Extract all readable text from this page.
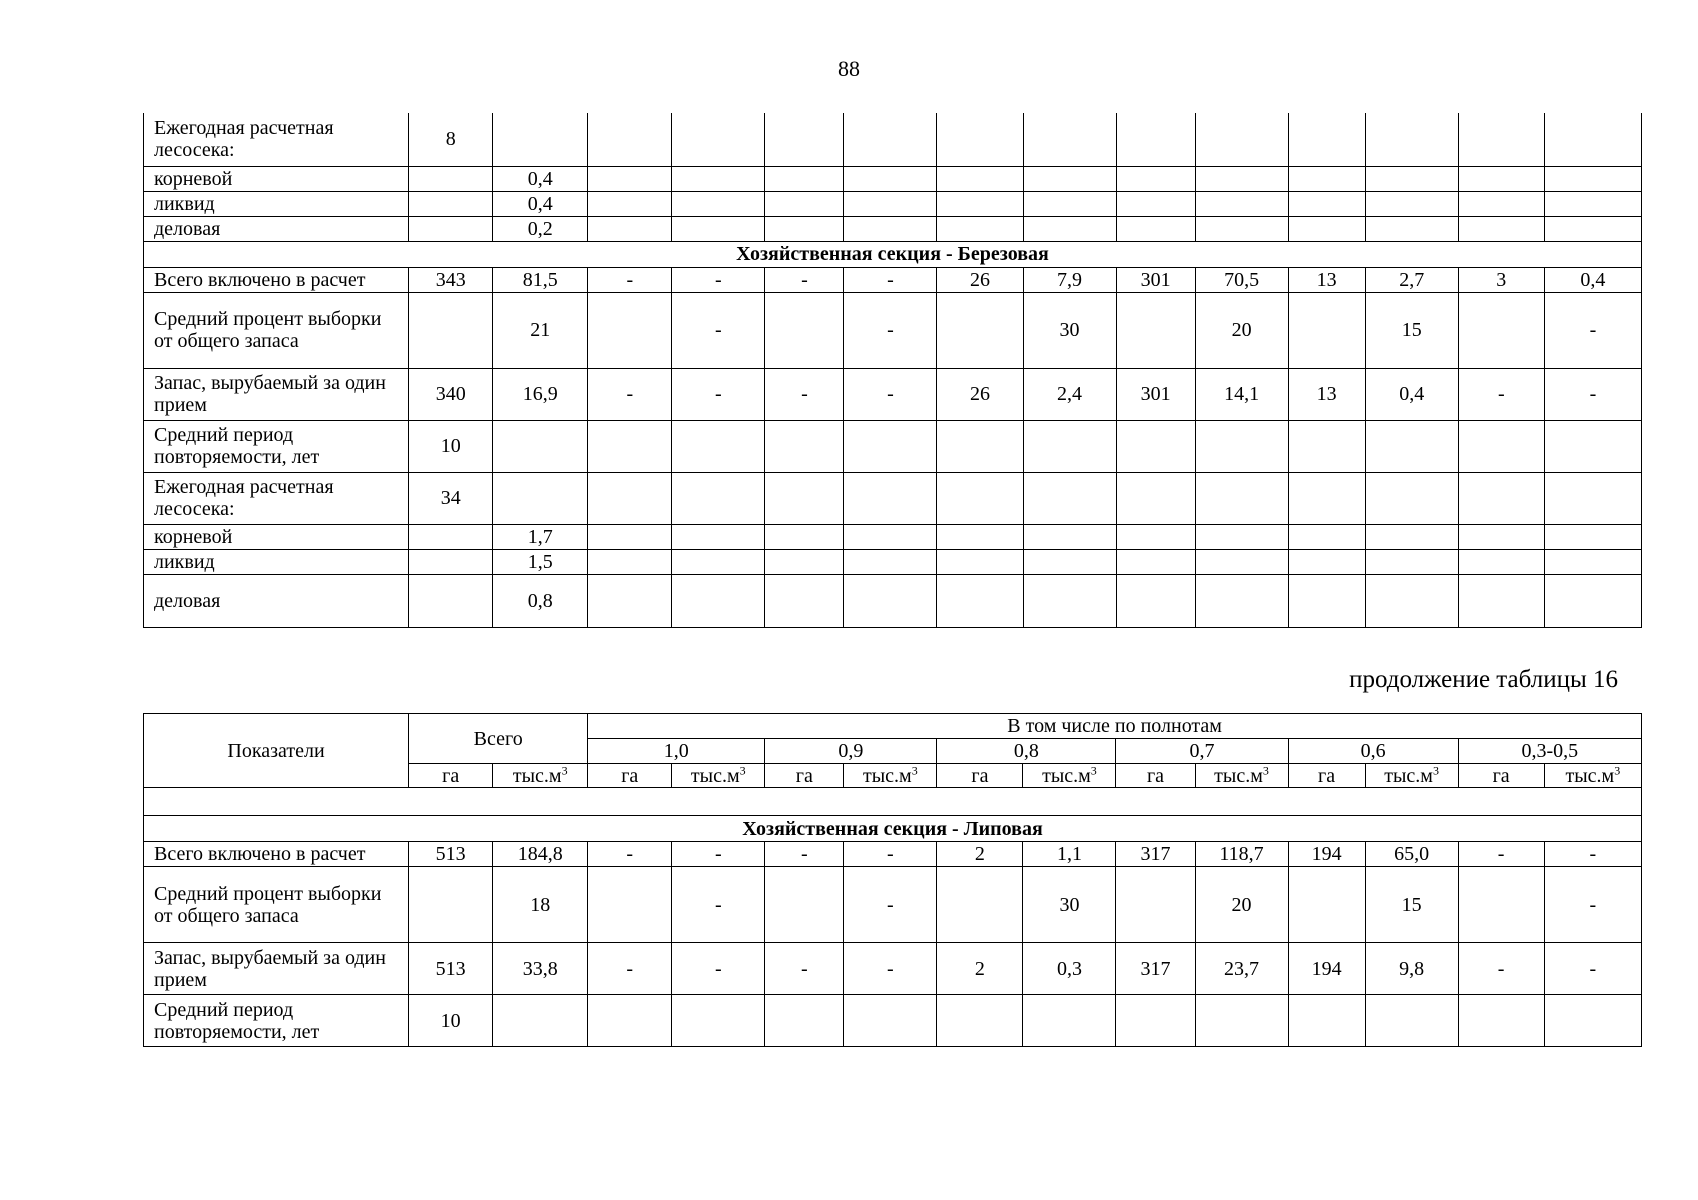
88
Ежегодная расчетная лесосека:	8													
корневой		0,4												
ликвид		0,4												
деловая		0,2												
Хозяйственная секция - Березовая														
Всего включено в расчет	343	81,5	-	-	-	-	26	7,9	301	70,5	13	2,7	3	0,4
Средний процент выборки от общего запаса		21		-		-		30		20		15		-
Запас, вырубаемый за один прием	340	16,9	-	-	-	-	26	2,4	301	14,1	13	0,4	-	-
Средний период повторяемости, лет	10													
Ежегодная расчетная лесосека:	34													
корневой		1,7												
ликвид		1,5												
деловая		0,8												
продолжение таблицы 16
Показатели	Всего		В том числе по полнотам											
			1,0		0,9		0,8		0,7		0,6		0,3-0,5	
	га	$тыс.м^3$	га	$тыс.м^3$	га	$тыс.м^3$	га	$тыс.м^3$	га	$тыс.м^3$	га	$тыс.м^3$	га	$тыс.м^3$

Хозяйственная секция - Липовая														
Всего включено в расчет	513	184,8	-	-	-	-	2	1,1	317	118,7	194	65,0	-	-
Средний процент выборки от общего запаса		18		-		-		30		20		15		-
Запас, вырубаемый за один прием	513	33,8	-	-	-	-	2	0,3	317	23,7	194	9,8	-	-
Средний период повторяемости, лет	10													
